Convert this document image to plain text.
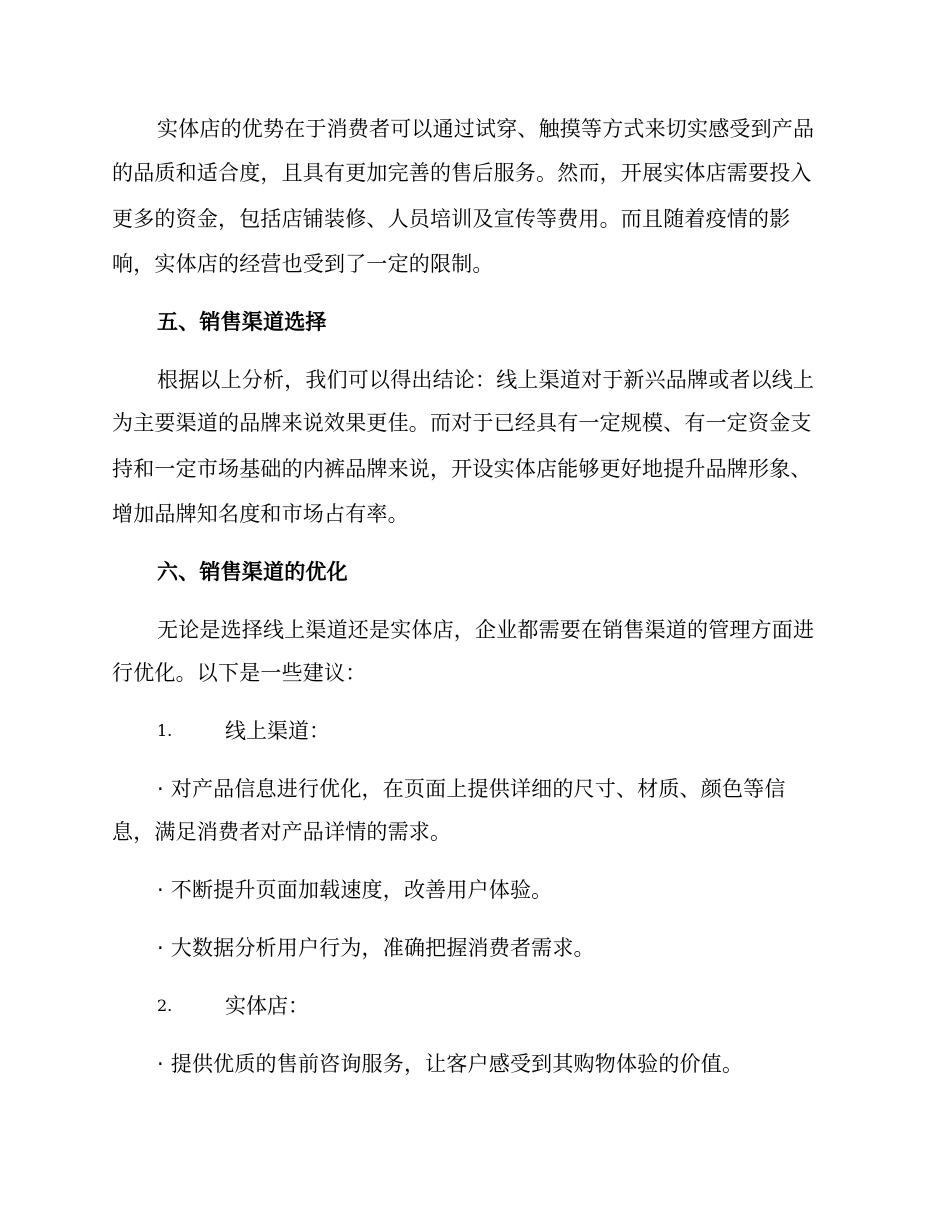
实体店的优势在于消费者可以通过试穿、触摸等方式来切实感受到产品
的品质和适合度，且具有更加完善的售后服务。然而，开展实体店需要投入
更多的资金，包括店铺装修、人员培训及宣传等费用。而且随着疫情的影
响，实体店的经营也受到了一定的限制。
五、销售渠道选择
根据以上分析，我们可以得出结论：线上渠道对于新兴品牌或者以线上
为主要渠道的品牌来说效果更佳。而对于已经具有一定规模、有一定资金支
持和一定市场基础的内裤品牌来说，开设实体店能够更好地提升品牌形象、
增加品牌知名度和市场占有率。
六、销售渠道的优化
无论是选择线上渠道还是实体店，企业都需要在销售渠道的管理方面进
行优化。以下是一些建议：
1.	线上渠道：
· 对产品信息进行优化，在页面上提供详细的尺寸、材质、颜色等信
息，满足消费者对产品详情的需求。
· 不断提升页面加载速度，改善用户体验。
· 大数据分析用户行为，准确把握消费者需求。
2.	实体店：
· 提供优质的售前咨询服务，让客户感受到其购物体验的价值。
